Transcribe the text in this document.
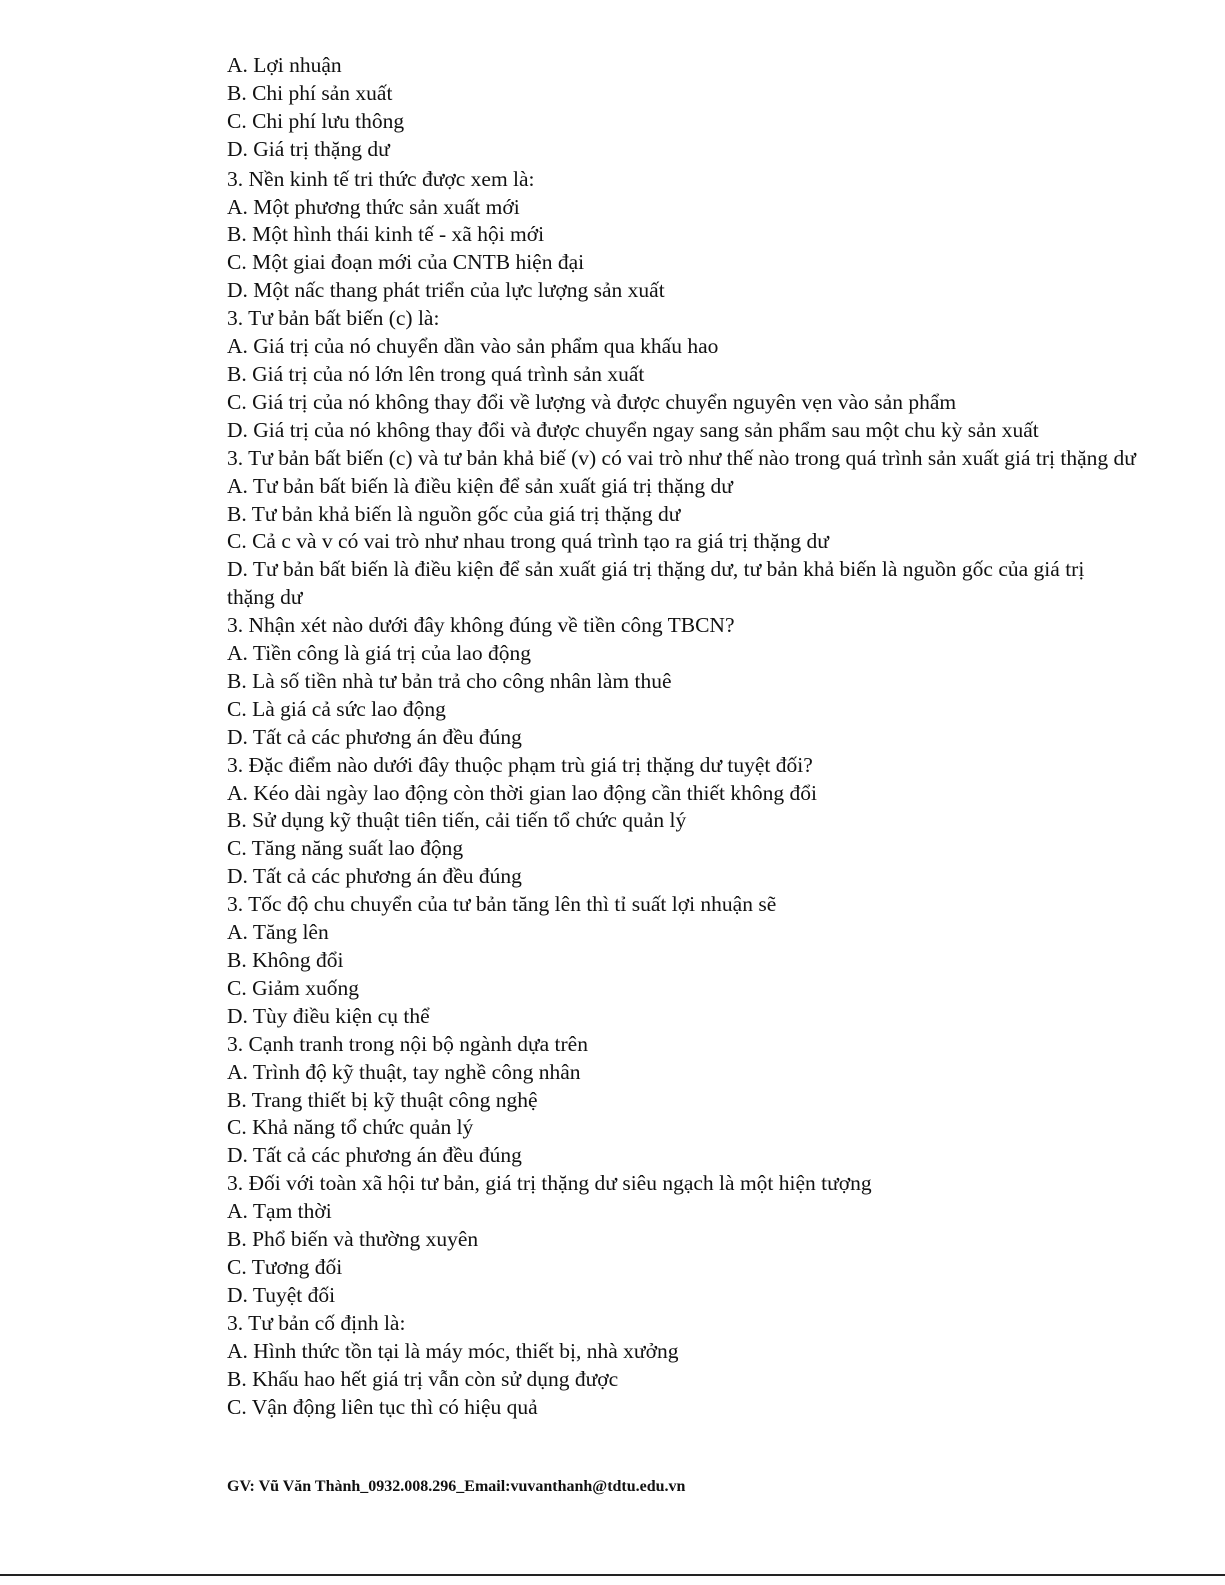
A. Lợi nhuận
B. Chi phí sản xuất
C. Chi phí lưu thông
D. Giá trị thặng dư
3. Nền kinh tế tri thức được xem là:
A. Một phương thức sản xuất mới
B. Một hình thái kinh tế - xã hội mới
C. Một giai đoạn mới của CNTB hiện đại
D. Một nấc thang phát triển của lực lượng sản xuất
3. Tư bản bất biến (c) là:
A. Giá trị của nó chuyển dần vào sản phẩm qua khấu hao
B. Giá trị của nó lớn lên trong quá trình sản xuất
C. Giá trị của nó không thay đổi về lượng và được chuyển nguyên vẹn vào sản phẩm
D. Giá trị của nó không thay đổi và được chuyển ngay sang sản phẩm sau một chu kỳ sản xuất
3. Tư bản bất biến (c) và tư bản khả biế (v) có vai trò như thế nào trong quá trình sản xuất giá trị thặng dư
A. Tư bản bất biến là điều kiện để sản xuất giá trị thặng dư
B. Tư bản khả biến là nguồn gốc của giá trị thặng dư
C. Cả c và v có vai trò như nhau trong quá trình tạo ra giá trị thặng dư
D. Tư bản bất biến là điều kiện để sản xuất giá trị thặng dư, tư bản khả biến là nguồn gốc của giá trị thặng dư
3. Nhận xét nào dưới đây không đúng về tiền công TBCN?
A. Tiền công là giá trị của lao động
B. Là số tiền nhà tư bản trả cho công nhân làm thuê
C. Là giá cả sức lao động
D. Tất cả các phương án đều đúng
3. Đặc điểm nào dưới đây thuộc phạm trù giá trị thặng dư tuyệt đối?
A. Kéo dài ngày lao động còn thời gian lao động cần thiết không đổi
B. Sử dụng kỹ thuật tiên tiến, cải tiến tổ chức quản lý
C. Tăng năng suất lao động
D. Tất cả các phương án đều đúng
3. Tốc độ chu chuyển của tư bản tăng lên thì tỉ suất lợi nhuận sẽ
A. Tăng lên
B. Không đổi
C. Giảm xuống
D. Tùy điều kiện cụ thể
3. Cạnh tranh trong nội bộ ngành dựa trên
A. Trình độ kỹ thuật, tay nghề công nhân
B. Trang thiết bị kỹ thuật công nghệ
C. Khả năng tổ chức quản lý
D. Tất cả các phương án đều đúng
3. Đối với toàn xã hội tư bản, giá trị thặng dư siêu ngạch là một hiện tượng
A. Tạm thời
B. Phổ biến và thường xuyên
C. Tương đối
D. Tuyệt đối
3. Tư bản cố định là:
A. Hình thức tồn tại là máy móc, thiết bị, nhà xưởng
B. Khấu hao hết giá trị vẫn còn sử dụng được
C. Vận động liên tục thì có hiệu quả
GV: Vũ Văn Thành_0932.008.296_Email:vuvanthanh@tdtu.edu.vn
